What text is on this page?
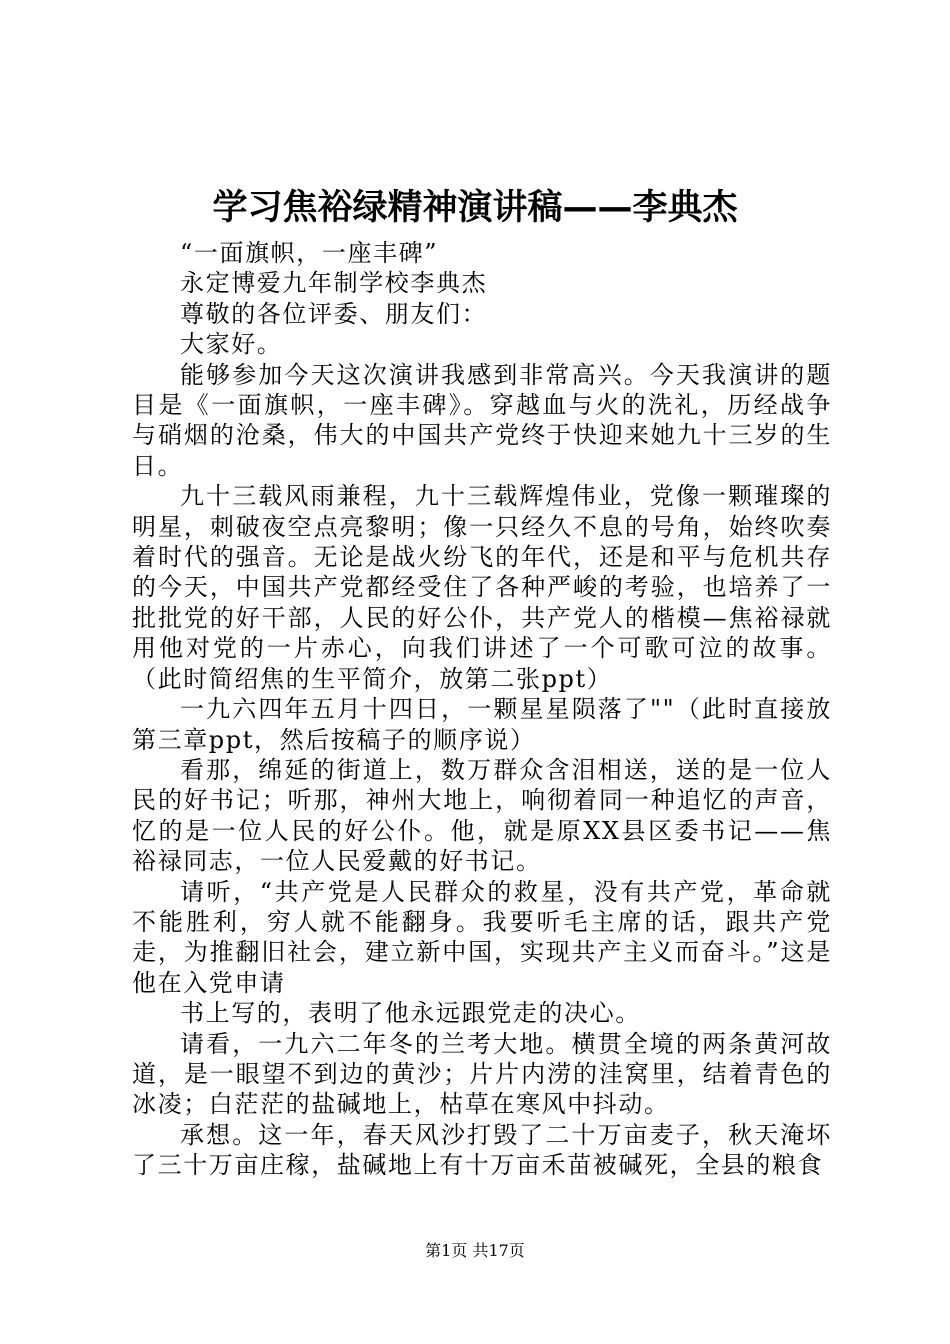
学习焦裕绿精神演讲稿——李典杰

“一面旗帜，一座丰碑”

永定博爱九年制学校李典杰

尊敬的各位评委、朋友们：

大家好。

能够参加今天这次演讲我感到非常高兴。今天我演讲的题目是《一面旗帜，一座丰碑》。穿越血与火的洗礼，历经战争与硝烟的沧桑，伟大的中国共产党终于快迎来她九十三岁的生日。

九十三载风雨兼程，九十三载辉煌伟业，党像一颗璀璨的明星，刺破夜空点亮黎明；像一只经久不息的号角，始终吹奏着时代的强音。无论是战火纷飞的年代，还是和平与危机共存的今天，中国共产党都经受住了各种严峻的考验，也培养了一批批党的好干部，人民的好公仆，共产党人的楷模—焦裕禄就用他对党的一片赤心，向我们讲述了一个可歌可泣的故事。（此时简绍焦的生平简介，放第二张ppt）

一九六四年五月十四日，一颗星星陨落了""（此时直接放第三章ppt，然后按稿子的顺序说）

看那，绵延的街道上，数万群众含泪相送，送的是一位人民的好书记；听那，神州大地上，响彻着同一种追忆的声音，忆的是一位人民的好公仆。他，就是原XX县区委书记——焦裕禄同志，一位人民爱戴的好书记。

请听，“共产党是人民群众的救星，没有共产党，革命就不能胜利，穷人就不能翻身。我要听毛主席的话，跟共产党走，为推翻旧社会，建立新中国，实现共产主义而奋斗。”这是他在入党申请

书上写的，表明了他永远跟党走的决心。

请看，一九六二年冬的兰考大地。横贯全境的两条黄河故道，是一眼望不到边的黄沙；片片内涝的洼窝里，结着青色的冰凌；白茫茫的盐碱地上，枯草在寒风中抖动。

承想。这一年，春天风沙打毁了二十万亩麦子，秋天淹坏了三十万亩庄稼，盐碱地上有十万亩禾苗被碱死，全县的粮食

第1页 共17页
